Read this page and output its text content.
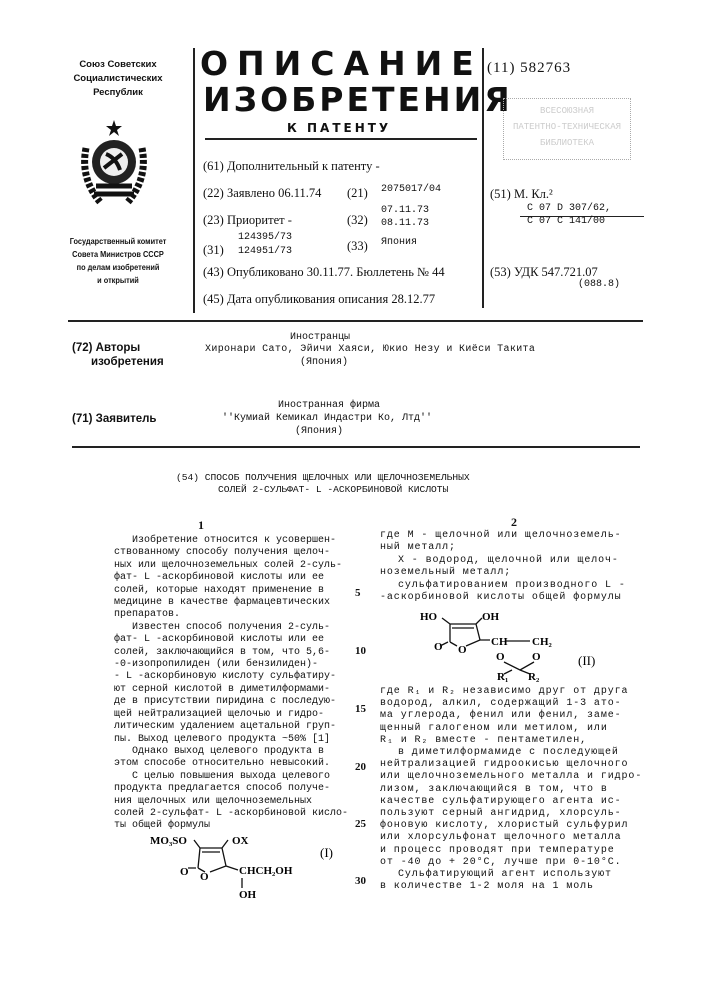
Союз Советских
Социалистических
Республик
Государственный комитет
Совета Министров СССР
по делам изобретений
и открытий
ОПИСАНИЕ
ИЗОБРЕТЕНИЯ
К ПАТЕНТУ
(11) 582763
ВСЕСОЮЗНАЯ
ПАТЕНТНО-ТЕХНИЧЕСКАЯ
БИБЛИОТЕКА
(61) Дополнительный к патенту -
(22) Заявлено 06.11.74 (21) 2075017/04
(23) Приоритет -	(32)
07.11.73
08.11.73
(31)
124395/73
124951/73	(33) Япония
(43) Опубликовано 30.11.77. Бюллетень № 44
(45) Дата опубликования описания 28.12.77
(51) М. Кл.²
С 07 D 307/62,
С 07 С 141/00
(53) УДК 547.721.07
(088.8)
(72) Авторы
изобретения
Иностранцы
Хиронари Сато, Эйичи Хаяси, Юкио Незу и Киёси Такита
(Япония)
(71) Заявитель
Иностранная фирма
''Кумиай Кемикал Индастри Ко, Лтд''
(Япония)
(54) СПОСОБ ПОЛУЧЕНИЯ ЩЕЛОЧНЫХ ИЛИ ЩЕЛОЧНОЗЕМЕЛЬНЫХ
СОЛЕЙ 2-СУЛЬФАТ- L -АСКОРБИНОВОЙ КИСЛОТЫ
1	2
Изобретение относится к усовершен-
ствованному способу получения щелоч-
ных или щелочноземельных солей 2-суль-
фат- L -аскорбиновой кислоты или ее
солей, которые находят применение в
медицине в качестве фармацевтических
препаратов.
Известен способ получения 2-суль-
фат- L -аскорбиновой кислоты или ее
солей, заключающийся в том, что 5,6-
-0-изопропилиден (или бензилиден)-
- L -аскорбиновую кислоту сульфатиру-
ют серной кислотой в диметилформами-
де в присутствии пиридина с последую-
щей нейтрализацией щелочью и гидро-
литическим удалением ацетальной груп-
пы. Выход целевого продукта ~50% [1]
Однако выход целевого продукта в
этом способе относительно невысокий.
С целью повышения выхода целевого
продукта предлагается способ получе-
ния щелочных или щелочноземельных
солей 2-сульфат- L -аскорбиновой кисло-
ты общей формулы
5
10
15
20
25
30
MO₃SO	OX
O O	CHCH₂OH
OH
(I)
где М - щелочной или щелочноземель-
ный металл;
X - водород, щелочной или щелоч-
ноземельный металл;
сульфатированием производного L -
-аскорбиновой кислоты общей формулы
HO	OH
O O
CH CH₂
O O
R₁ R₂
(II)
где R₁ и R₂ независимо друг от друга
водород, алкил, содержащий 1-3 ато-
ма углерода, фенил или фенил, заме-
щенный галогеном или метилом, или
R₁ и R₂ вместе - пентаметилен,
в диметилформамиде с последующей
нейтрализацией гидроокисью щелочного
или щелочноземельного металла и гидро-
лизом, заключающийся в том, что в
качестве сульфатирующего агента ис-
пользуют серный ангидрид, хлорсуль-
фоновую кислоту, хлористый сульфурил
или хлорсульфонат щелочного металла
и процесс проводят при температуре
от -40 до + 20°С, лучше при 0-10°С.
Сульфатирующий агент используют
в количестве 1-2 моля на 1 моль
